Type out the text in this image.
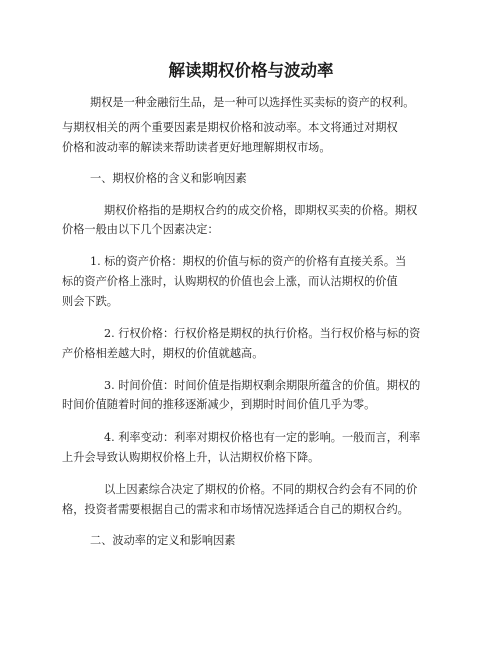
解读期权价格与波动率
期权是一种金融衍生品，是一种可以选择性买卖标的资产的权利。
与期权相关的两个重要因素是期权价格和波动率。本文将通过对期权
价格和波动率的解读来帮助读者更好地理解期权市场。
一、期权价格的含义和影响因素
期权价格指的是期权合约的成交价格，即期权买卖的价格。期权
价格一般由以下几个因素决定：
1. 标的资产价格：期权的价值与标的资产的价格有直接关系。当
标的资产价格上涨时，认购期权的价值也会上涨，而认沽期权的价值
则会下跌。
2. 行权价格：行权价格是期权的执行价格。当行权价格与标的资
产价格相差越大时，期权的价值就越高。
3. 时间价值：时间价值是指期权剩余期限所蕴含的价值。期权的
时间价值随着时间的推移逐渐减少，到期时时间价值几乎为零。
4. 利率变动：利率对期权价格也有一定的影响。一般而言，利率
上升会导致认购期权价格上升，认沽期权价格下降。
以上因素综合决定了期权的价格。不同的期权合约会有不同的价
格，投资者需要根据自己的需求和市场情况选择适合自己的期权合约。
二、波动率的定义和影响因素
